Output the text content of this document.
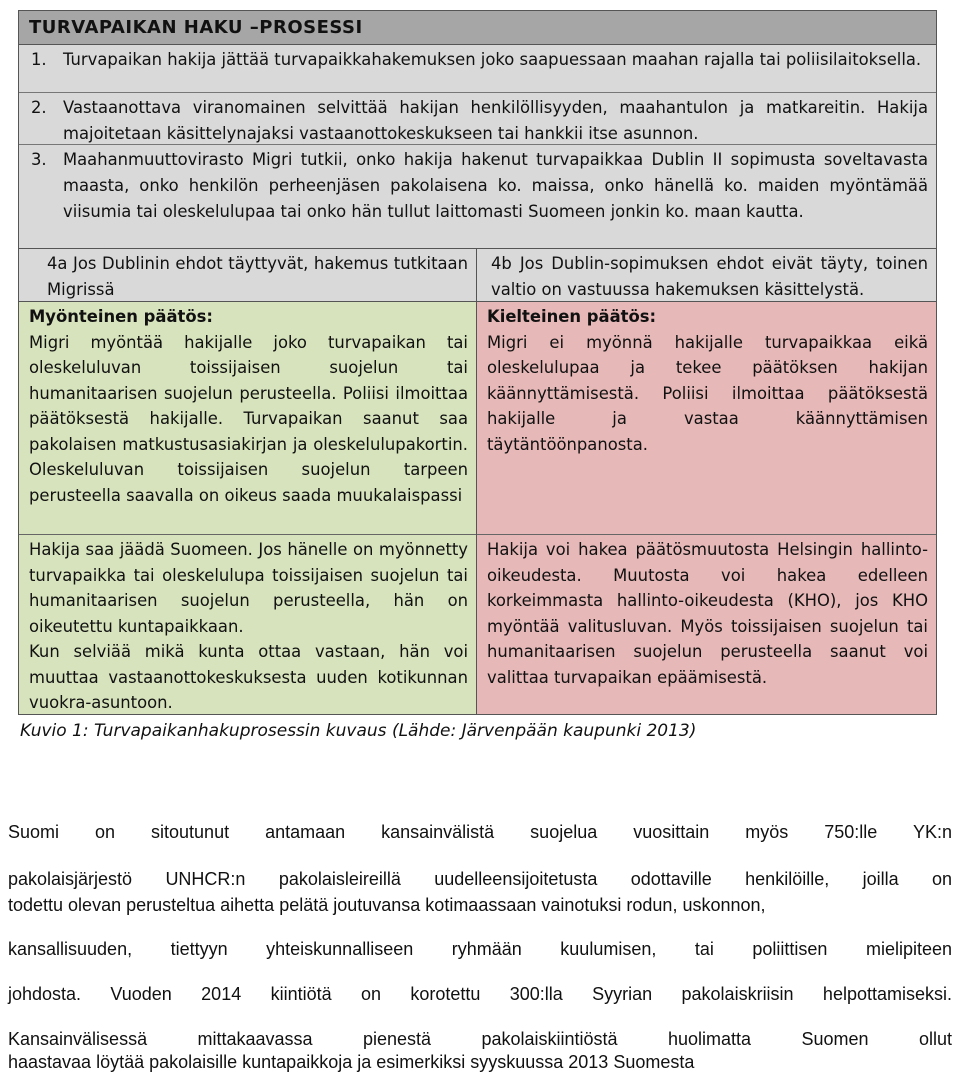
TURVAPAIKAN HAKU –PROSESSI
1. Turvapaikan hakija jättää turvapaikkahakemuksen joko saapuessaan maahan rajalla tai poliisilaitoksella.
2. Vastaanottava viranomainen selvittää hakijan henkilöllisyyden, maahantulon ja matkareitin. Hakija majoitetaan käsittelynajaksi vastaanottokeskukseen tai hankkii itse asunnon.
3. Maahanmuuttovirasto Migri tutkii, onko hakija hakenut turvapaikkaa Dublin II sopimusta soveltavasta maasta, onko henkilön perheenjäsen pakolaisena ko. maissa, onko hänellä ko. maiden myöntämää viisumia tai oleskelulupaa tai onko hän tullut laittomasti Suomeen jonkin ko. maan kautta.
4a Jos Dublinin ehdot täyttyvät, hakemus tutkitaan Migrissä
4b Jos Dublin-sopimuksen ehdot eivät täyty, toinen valtio on vastuussa hakemuksen käsittelystä.
Myönteinen päätös:
Migri myöntää hakijalle joko turvapaikan tai oleskeluluvan toissijaisen suojelun tai humanitaarisen suojelun perusteella. Poliisi ilmoittaa päätöksestä hakijalle. Turvapaikan saanut saa pakolaisen matkustusasiakirjan ja oleskelulupakortin. Oleskeluluvan toissijaisen suojelun tarpeen perusteella saavalla on oikeus saada muukalaispassi
Hakija saa jäädä Suomeen. Jos hänelle on myönnetty turvapaikka tai oleskelulupa toissijaisen suojelun tai humanitaarisen suojelun perusteella, hän on oikeutettu kuntapaikkaan.
Kun selviää mikä kunta ottaa vastaan, hän voi muuttaa vastaanottokeskuksesta uuden kotikunnan vuokra-asuntoon.
Kielteinen päätös:
Migri ei myönnä hakijalle turvapaikkaa eikä oleskelulupaa ja tekee päätöksen hakijan käännyttämisestä. Poliisi ilmoittaa päätöksestä hakijalle ja vastaa käännyttämisen täytäntöönpanosta.
Hakija voi hakea päätösmuutosta Helsingin hallinto-oikeudesta. Muutosta voi hakea edelleen korkeimmasta hallinto-oikeudesta (KHO), jos KHO myöntää valitusluvan. Myös toissijaisen suojelun tai humanitaarisen suojelun perusteella saanut voi valittaa turvapaikan epäämisestä.
Kuvio 1: Turvapaikanhakuprosessin kuvaus (Lähde: Järvenpään kaupunki 2013)
Suomi on sitoutunut antamaan kansainvälistä suojelua vuosittain myös 750:lle YK:n
pakolaisjärjestö UNHCR:n pakolaisleireillä uudelleensijoitetusta odottaville henkilöille, joilla on
todettu olevan perusteltua aihetta pelätä joutuvansa kotimaassaan vainotuksi rodun, uskonnon,
kansallisuuden, tiettyyn yhteiskunnalliseen ryhmään kuulumisen, tai poliittisen mielipiteen
johdosta. Vuoden 2014 kiintiötä on korotettu 300:lla Syyrian pakolaiskriisin helpottamiseksi.
Kansainvälisessä mittakaavassa pienestä pakolaiskiintiöstä huolimatta Suomen ollut
haastavaa löytää pakolaisille kuntapaikkoja ja esimerkiksi syyskuussa 2013 Suomesta
